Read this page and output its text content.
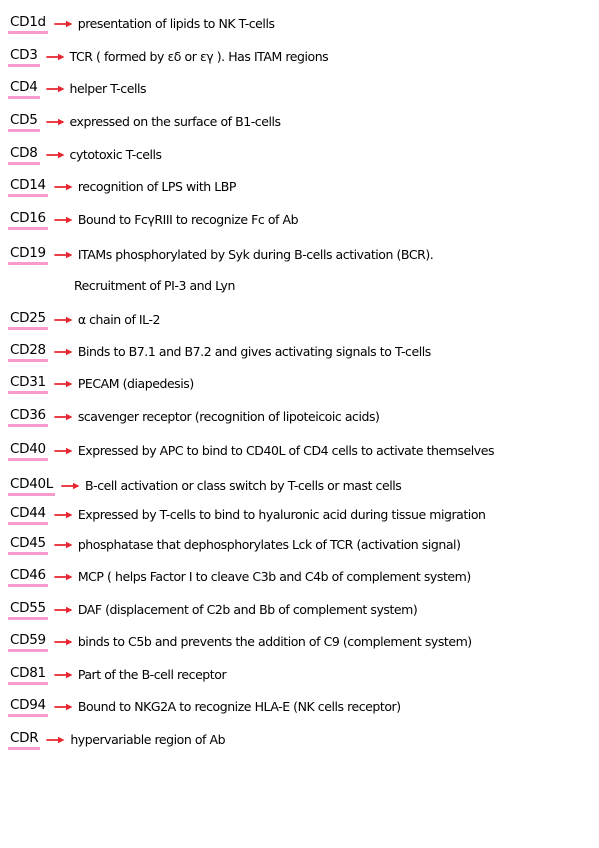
CD1d	presentation of lipids to NK T-cells
CD3	TCR ( formed by εδ or εγ ). Has ITAM regions
CD4	helper T-cells
CD5	expressed on the surface of B1-cells
CD8	cytotoxic T-cells
CD14	recognition of LPS with LBP
CD16	Bound to FcγRIII to recognize Fc of Ab
CD19	ITAMs phosphorylated by Syk during B-cells activation (BCR).
Recruitment of PI-3 and Lyn
CD25	α chain of IL-2
CD28	Binds to B7.1 and B7.2 and gives activating signals to T-cells
CD31	PECAM (diapedesis)
CD36	scavenger receptor (recognition of lipoteicoic acids)
CD40	Expressed by APC to bind to CD40L of CD4 cells to activate themselves
CD40L	B-cell activation or class switch by T-cells or mast cells
CD44	Expressed by T-cells to bind to hyaluronic acid during tissue migration
CD45	phosphatase that dephosphorylates Lck of TCR (activation signal)
CD46	MCP ( helps Factor I to cleave C3b and C4b of complement system)
CD55	DAF (displacement of C2b and Bb of complement system)
CD59	binds to C5b and prevents the addition of C9 (complement system)
CD81	Part of the B-cell receptor
CD94	Bound to NKG2A to recognize HLA-E (NK cells receptor)
CDR	hypervariable region of Ab
